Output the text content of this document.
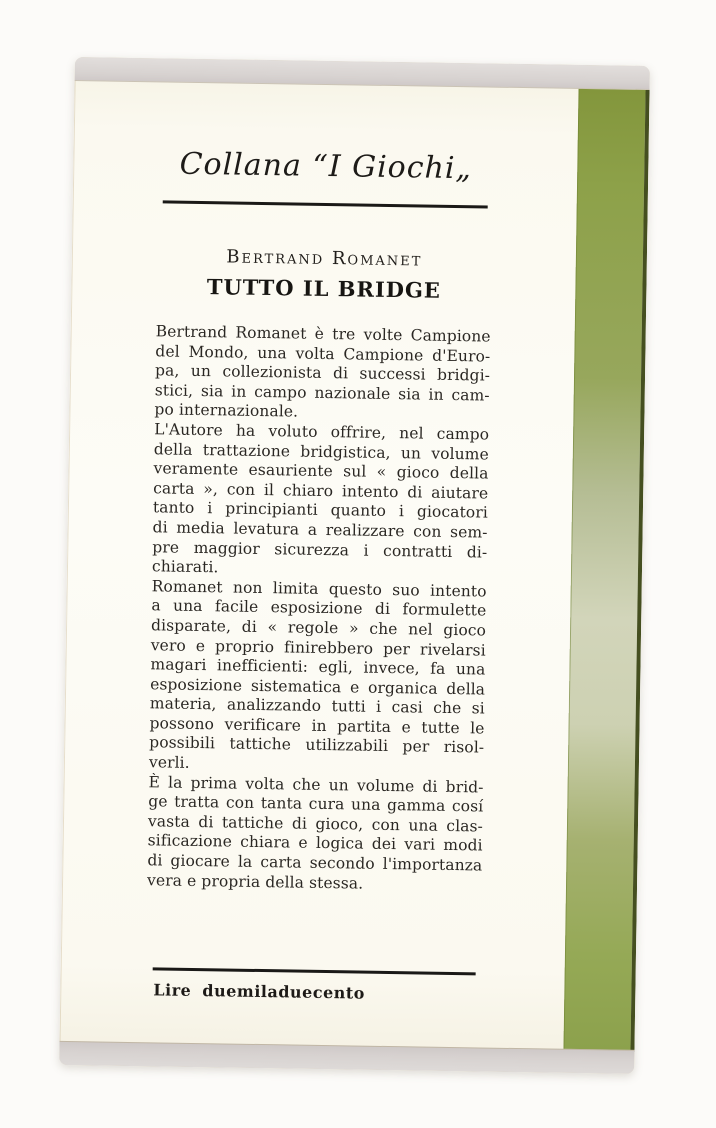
Collana “I Giochi„
Bertrand Romanet
TUTTO IL BRIDGE
Bertrand Romanet è tre volte Campione
del Mondo, una volta Campione d'Euro-
pa, un collezionista di successi bridgi-
stici, sia in campo nazionale sia in cam-
po internazionale.
L'Autore ha voluto offrire, nel campo
della trattazione bridgistica, un volume
veramente esauriente sul « gioco della
carta », con il chiaro intento di aiutare
tanto i principianti quanto i giocatori
di media levatura a realizzare con sem-
pre maggior sicurezza i contratti di-
chiarati.
Romanet non limita questo suo intento
a una facile esposizione di formulette
disparate, di « regole » che nel gioco
vero e proprio finirebbero per rivelarsi
magari inefficienti: egli, invece, fa una
esposizione sistematica e organica della
materia, analizzando tutti i casi che si
possono verificare in partita e tutte le
possibili tattiche utilizzabili per risol-
verli.
È la prima volta che un volume di brid-
ge tratta con tanta cura una gamma cosí
vasta di tattiche di gioco, con una clas-
sificazione chiara e logica dei vari modi
di giocare la carta secondo l'importanza
vera e propria della stessa.
Lire duemiladuecento
